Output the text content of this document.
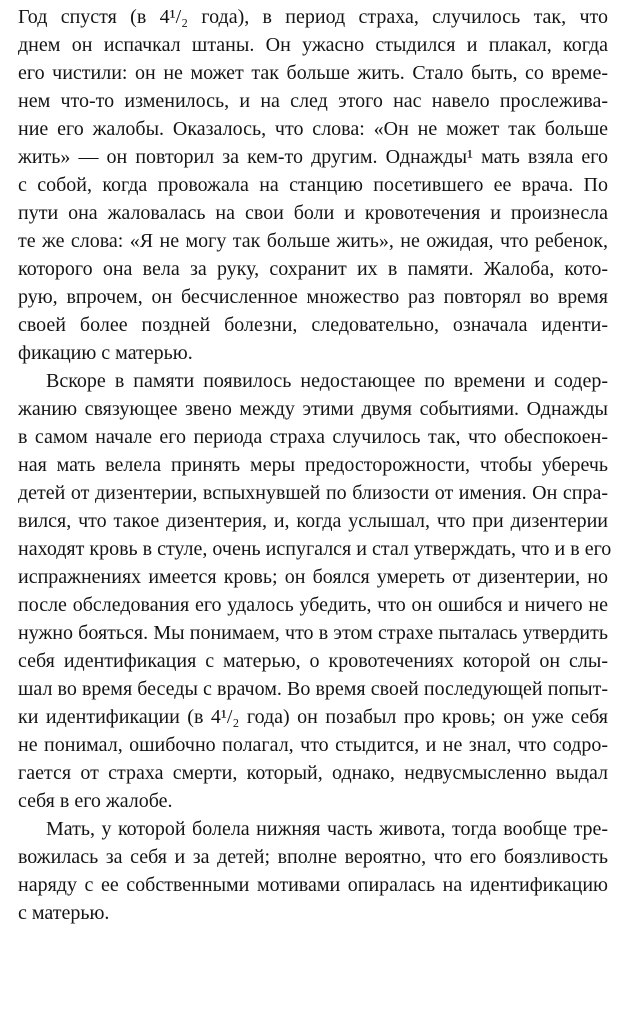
Год спустя (в 4¹/₂ года), в период страха, случилось так, что
днем он испачкал штаны. Он ужасно стыдился и плакал, когда
его чистили: он не может так больше жить. Стало быть, со време-
нем что-то изменилось, и на след этого нас навело прослежива-
ние его жалобы. Оказалось, что слова: «Он не может так больше
жить» — он повторил за кем-то другим. Однажды¹ мать взяла его
с собой, когда провожала на станцию посетившего ее врача. По
пути она жаловалась на свои боли и кровотечения и произнесла
те же слова: «Я не могу так больше жить», не ожидая, что ребенок,
которого она вела за руку, сохранит их в памяти. Жалоба, кото-
рую, впрочем, он бесчисленное множество раз повторял во время
своей более поздней болезни, следовательно, означала иденти-
фикацию с матерью.
Вскоре в памяти появилось недостающее по времени и содер-
жанию связующее звено между этими двумя событиями. Однажды
в самом начале его периода страха случилось так, что обеспокоен-
ная мать велела принять меры предосторожности, чтобы уберечь
детей от дизентерии, вспыхнувшей по близости от имения. Он спра-
вился, что такое дизентерия, и, когда услышал, что при дизентерии
находят кровь в стуле, очень испугался и стал утверждать, что и в его
испражнениях имеется кровь; он боялся умереть от дизентерии, но
после обследования его удалось убедить, что он ошибся и ничего не
нужно бояться. Мы понимаем, что в этом страхе пыталась утвердить
себя идентификация с матерью, о кровотечениях которой он слы-
шал во время беседы с врачом. Во время своей последующей попыт-
ки идентификации (в 4¹/₂ года) он позабыл про кровь; он уже себя
не понимал, ошибочно полагал, что стыдится, и не знал, что содро-
гается от страха смерти, который, однако, недвусмысленно выдал
себя в его жалобе.
Мать, у которой болела нижняя часть живота, тогда вообще тре-
вожилась за себя и за детей; вполне вероятно, что его боязливость
наряду с ее собственными мотивами опиралась на идентификацию
с матерью.
